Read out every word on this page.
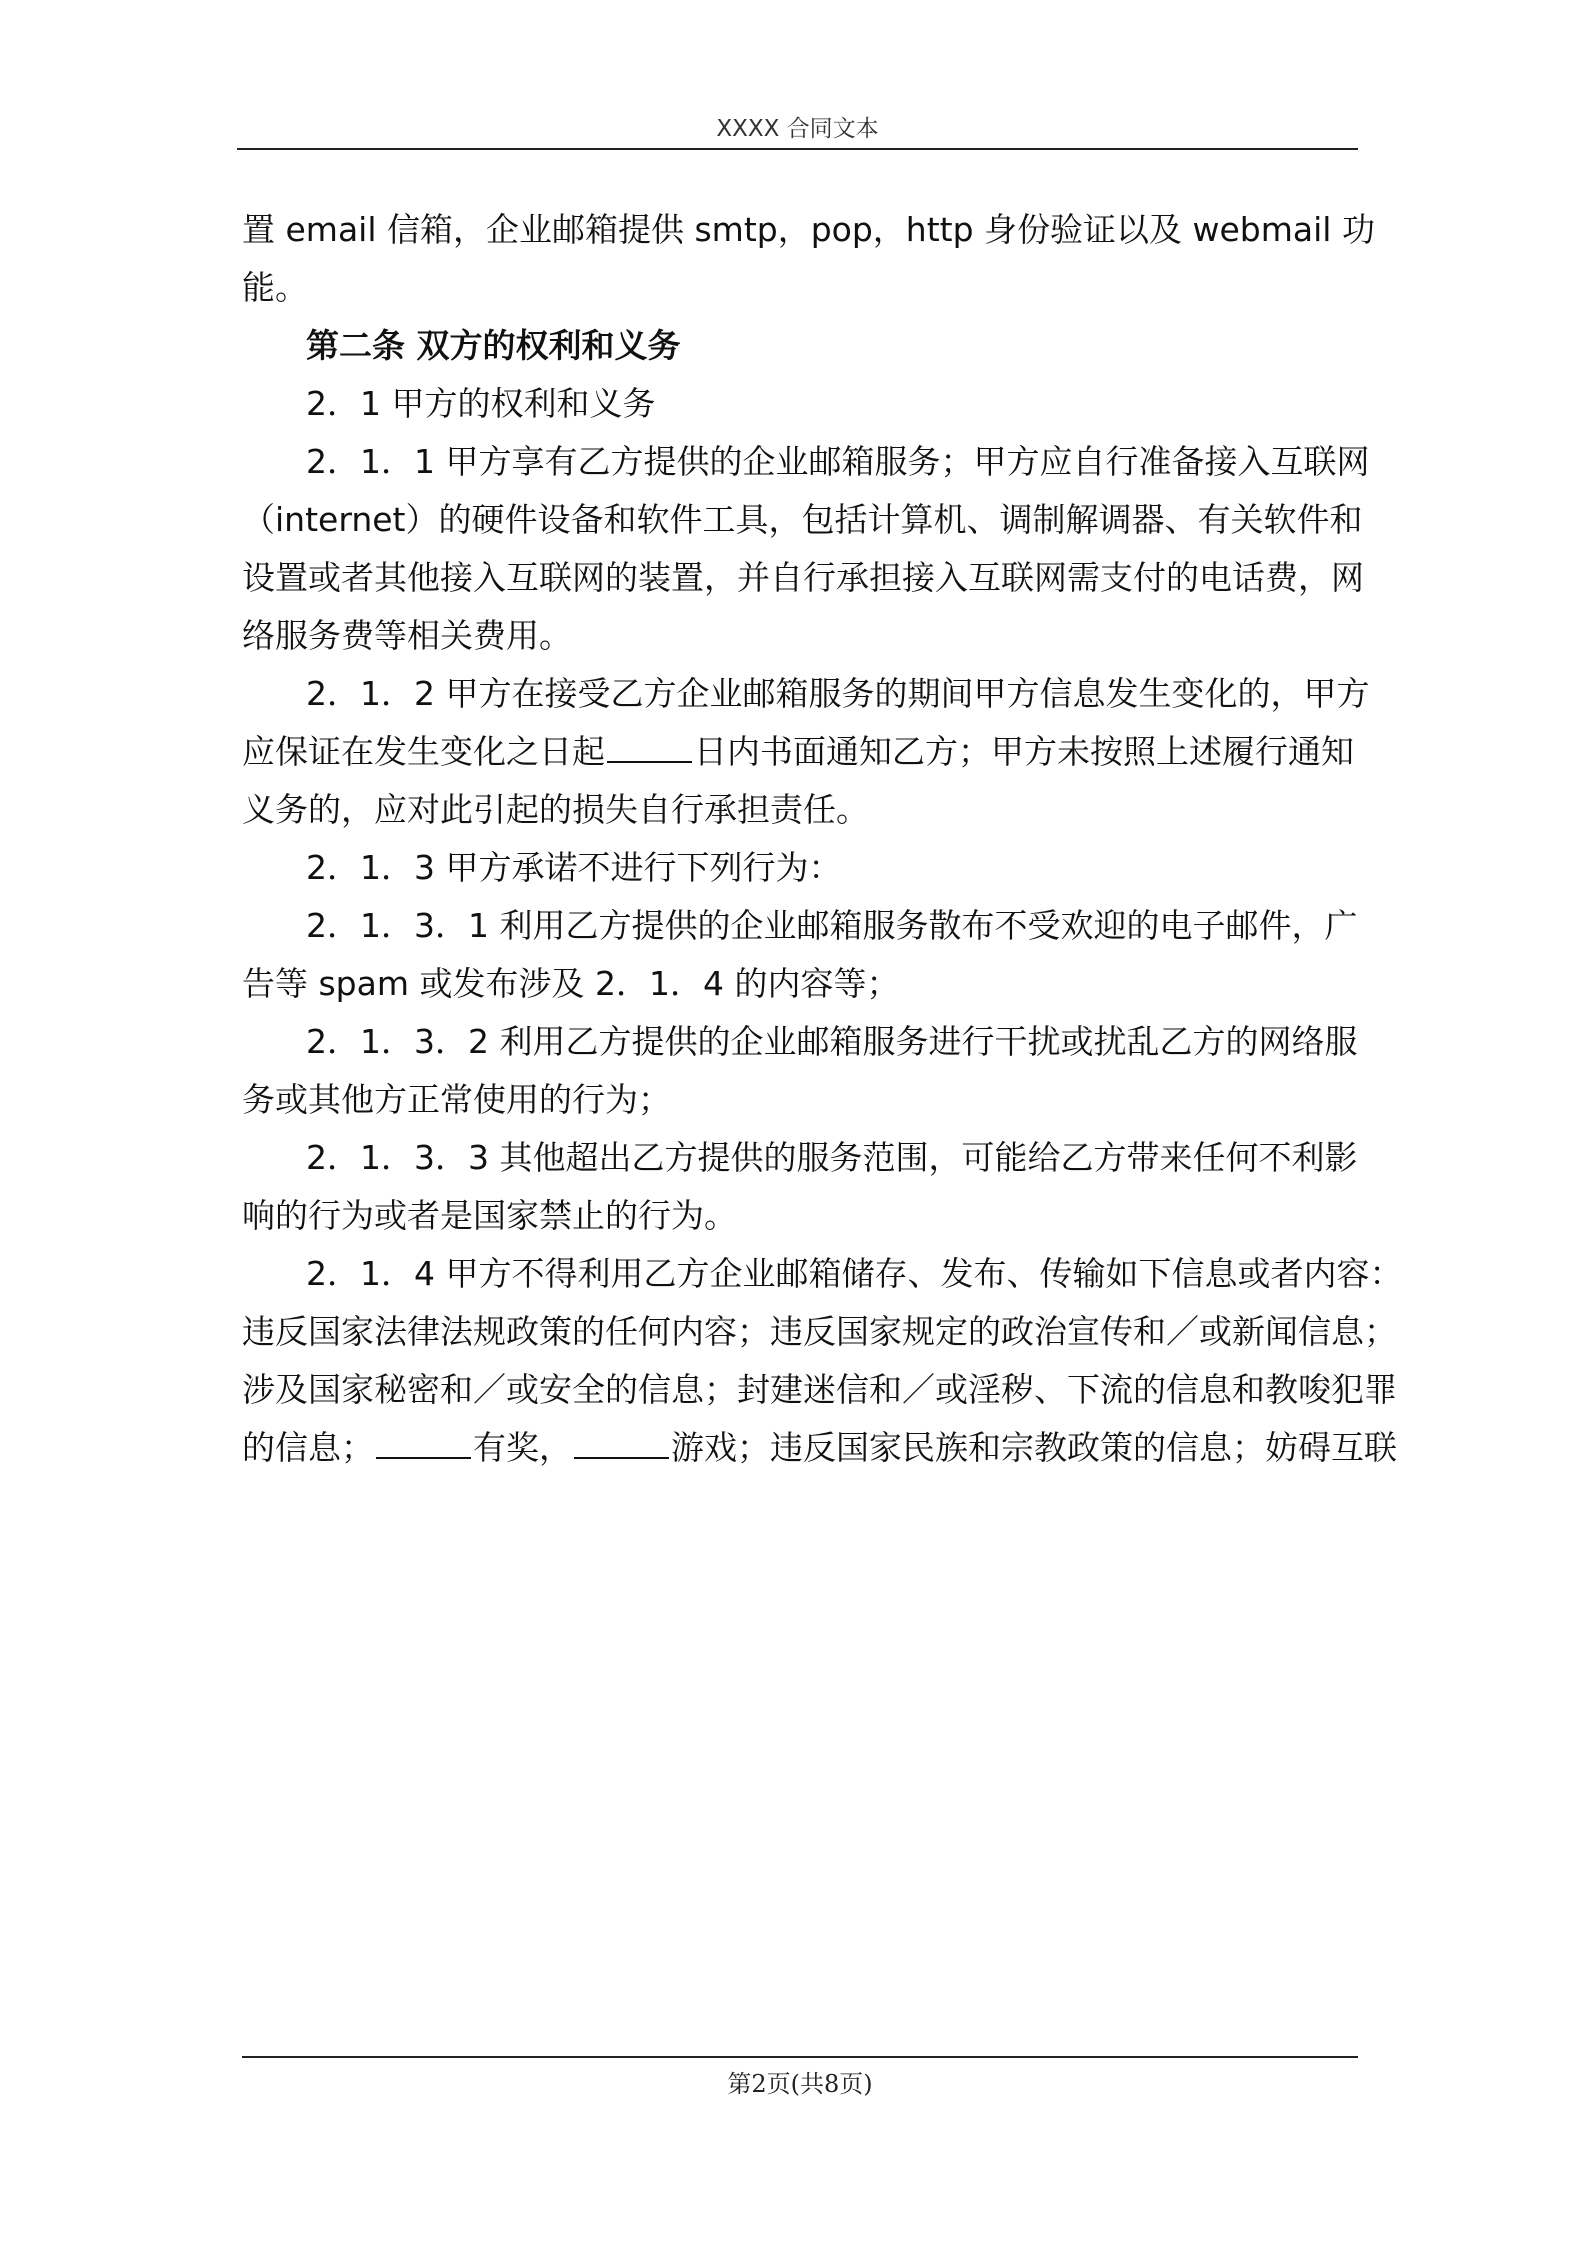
XXXX 合同文本
置 email 信箱，企业邮箱提供 smtp，pop，http 身份验证以及 webmail 功
能。
第二条 双方的权利和义务
2．1 甲方的权利和义务
2．1．1 甲方享有乙方提供的企业邮箱服务；甲方应自行准备接入互联网
（internet）的硬件设备和软件工具，包括计算机、调制解调器、有关软件和
设置或者其他接入互联网的装置，并自行承担接入互联网需支付的电话费，网
络服务费等相关费用。
2．1．2 甲方在接受乙方企业邮箱服务的期间甲方信息发生变化的，甲方
应保证在发生变化之日起	日内书面通知乙方；甲方未按照上述履行通知
义务的，应对此引起的损失自行承担责任。
2．1．3 甲方承诺不进行下列行为：
2．1．3．1 利用乙方提供的企业邮箱服务散布不受欢迎的电子邮件，广
告等 spam 或发布涉及 2．1．4 的内容等；
2．1．3．2 利用乙方提供的企业邮箱服务进行干扰或扰乱乙方的网络服
务或其他方正常使用的行为；
2．1．3．3 其他超出乙方提供的服务范围，可能给乙方带来任何不利影
响的行为或者是国家禁止的行为。
2．1．4 甲方不得利用乙方企业邮箱储存、发布、传输如下信息或者内容：
违反国家法律法规政策的任何内容；违反国家规定的政治宣传和／或新闻信息；
涉及国家秘密和／或安全的信息；封建迷信和／或淫秽、下流的信息和教唆犯罪
的信息；	有奖，	游戏；违反国家民族和宗教政策的信息；妨碍互联
第2页(共8页)
